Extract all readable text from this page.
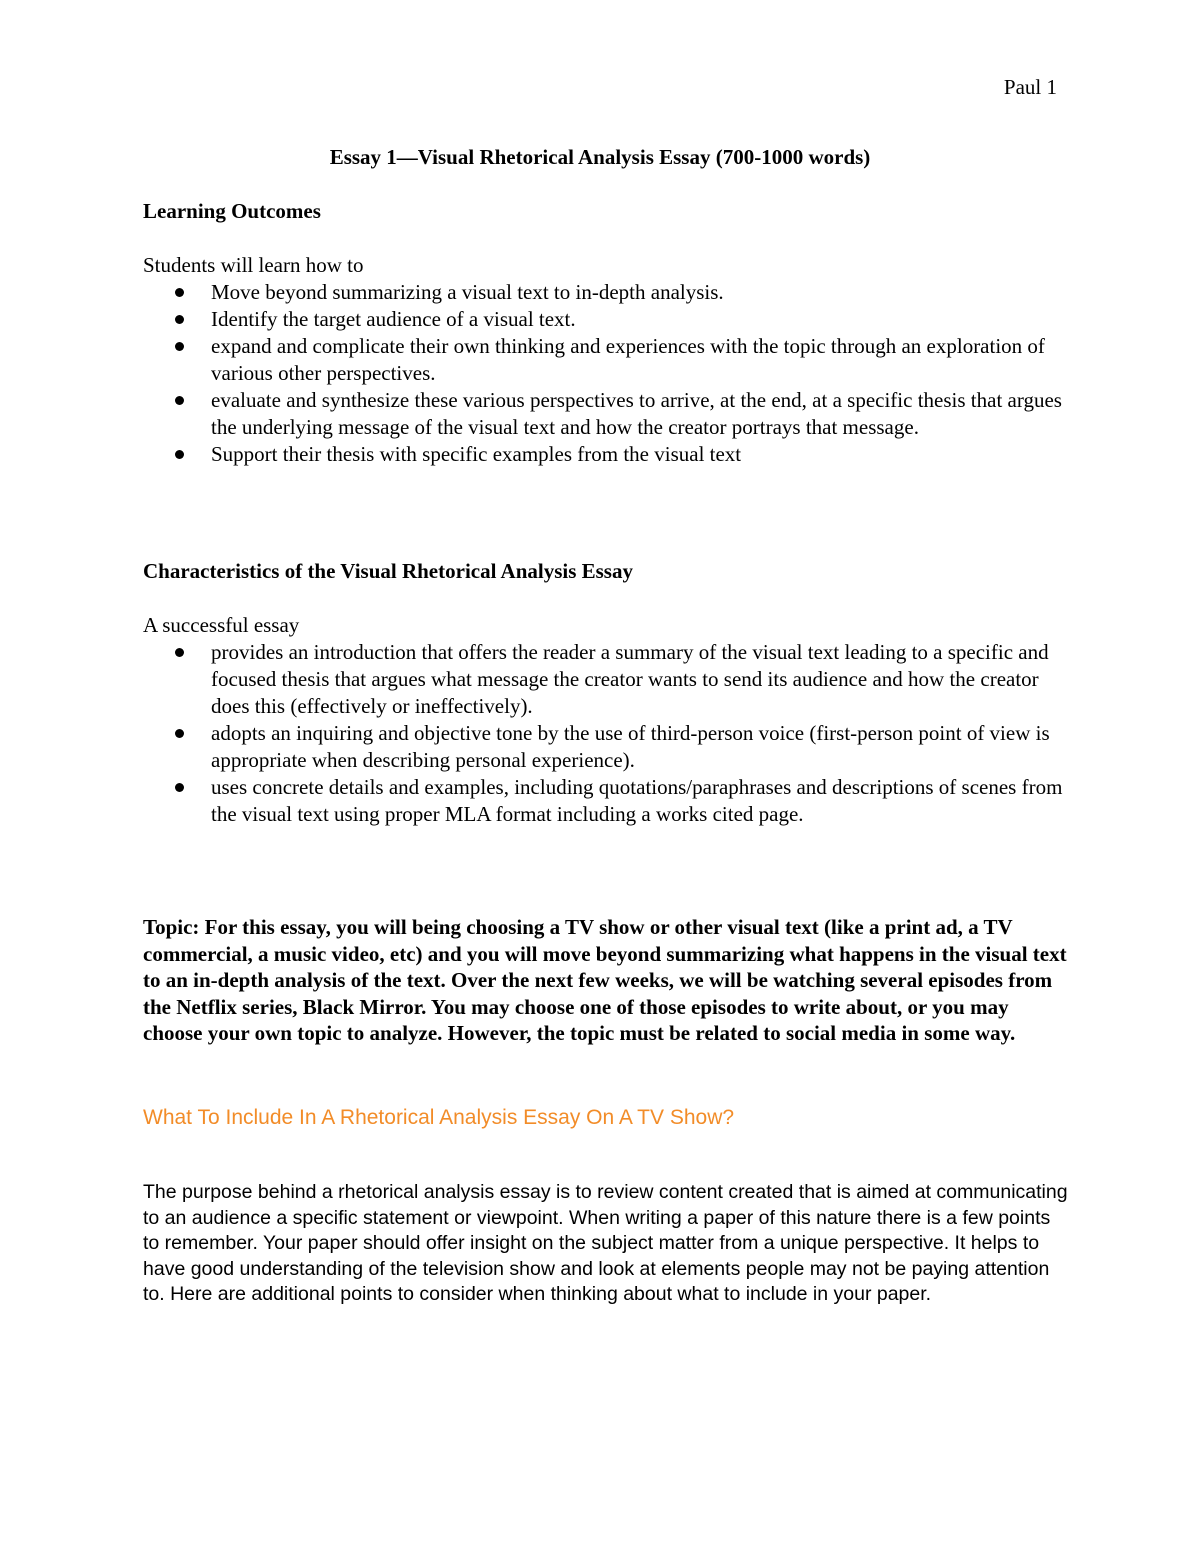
Paul 1
Essay 1—Visual Rhetorical Analysis Essay (700-1000 words)
Learning Outcomes
Students will learn how to
Move beyond summarizing a visual text to in-depth analysis.
Identify the target audience of a visual text.
expand and complicate their own thinking and experiences with the topic through an exploration of various other perspectives.
evaluate and synthesize these various perspectives to arrive, at the end, at a specific thesis that argues the underlying message of the visual text and how the creator portrays that message.
Support their thesis with specific examples from the visual text
Characteristics of the Visual Rhetorical Analysis Essay
A successful essay
provides an introduction that offers the reader a summary of the visual text leading to a specific and focused thesis that argues what message the creator wants to send its audience and how the creator does this (effectively or ineffectively).
adopts an inquiring and objective tone by the use of third-person voice (first-person point of view is appropriate when describing personal experience).
uses concrete details and examples, including quotations/paraphrases and descriptions of scenes from the visual text using proper MLA format including a works cited page.
Topic: For this essay, you will being choosing a TV show or other visual text (like a print ad, a TV commercial, a music video, etc) and you will move beyond summarizing what happens in the visual text to an in-depth analysis of the text. Over the next few weeks, we will be watching several episodes from the Netflix series, Black Mirror. You may choose one of those episodes to write about, or you may choose your own topic to analyze. However, the topic must be related to social media in some way.
What To Include In A Rhetorical Analysis Essay On A TV Show?
The purpose behind a rhetorical analysis essay is to review content created that is aimed at communicating to an audience a specific statement or viewpoint. When writing a paper of this nature there is a few points to remember. Your paper should offer insight on the subject matter from a unique perspective. It helps to have good understanding of the television show and look at elements people may not be paying attention to. Here are additional points to consider when thinking about what to include in your paper.
